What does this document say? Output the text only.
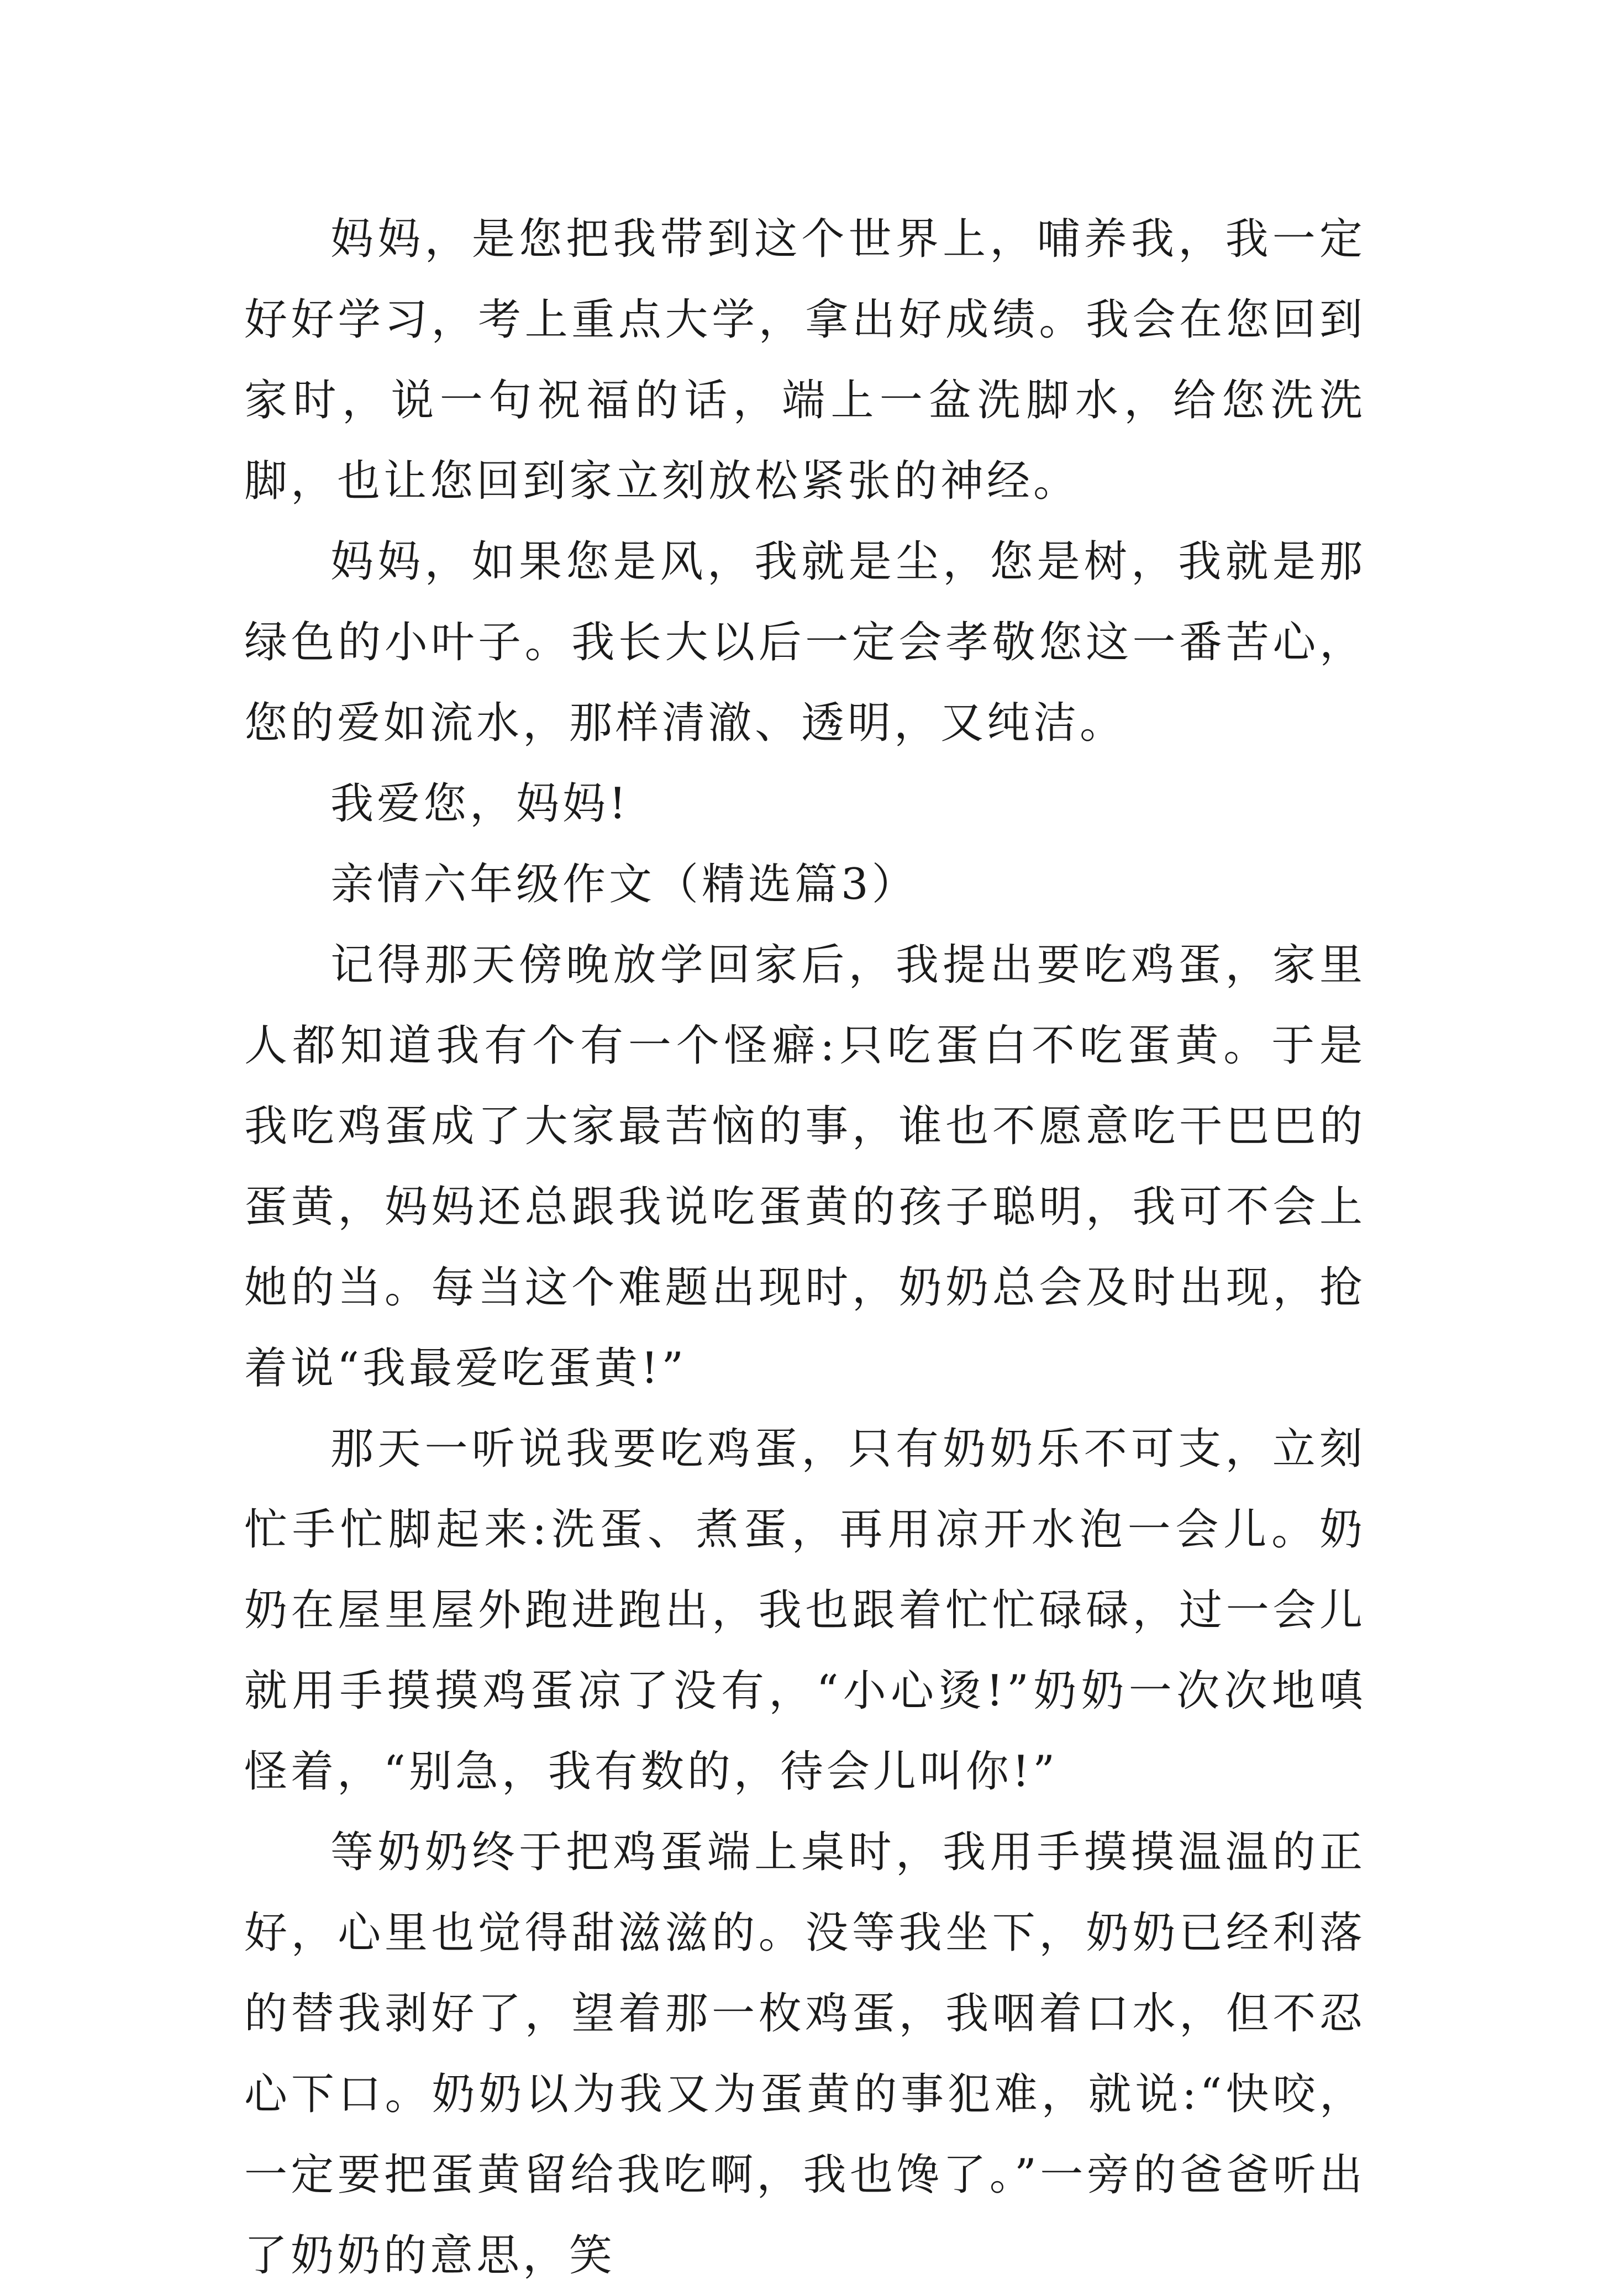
妈妈，是您把我带到这个世界上，哺养我，我一定好好学习，考上重点大学，拿出好成绩。我会在您回到家时，说一句祝福的话，端上一盆洗脚水，给您洗洗脚，也让您回到家立刻放松紧张的神经。

妈妈，如果您是风，我就是尘，您是树，我就是那绿色的小叶子。我长大以后一定会孝敬您这一番苦心，您的爱如流水，那样清澈、透明，又纯洁。

我爱您，妈妈!

亲情六年级作文（精选篇3）

记得那天傍晚放学回家后，我提出要吃鸡蛋，家里人都知道我有个有一个怪癖:只吃蛋白不吃蛋黄。于是我吃鸡蛋成了大家最苦恼的事，谁也不愿意吃干巴巴的蛋黄，妈妈还总跟我说吃蛋黄的孩子聪明，我可不会上她的当。每当这个难题出现时，奶奶总会及时出现，抢着说“我最爱吃蛋黄!”

那天一听说我要吃鸡蛋，只有奶奶乐不可支，立刻忙手忙脚起来:洗蛋、煮蛋，再用凉开水泡一会儿。奶奶在屋里屋外跑进跑出，我也跟着忙忙碌碌，过一会儿就用手摸摸鸡蛋凉了没有，“小心烫!”奶奶一次次地嗔怪着，“别急，我有数的，待会儿叫你!”

等奶奶终于把鸡蛋端上桌时，我用手摸摸温温的正好，心里也觉得甜滋滋的。没等我坐下，奶奶已经利落的替我剥好了，望着那一枚鸡蛋，我咽着口水，但不忍心下口。奶奶以为我又为蛋黄的事犯难，就说:“快咬，一定要把蛋黄留给我吃啊，我也馋了。”一旁的爸爸听出了奶奶的意思，笑
